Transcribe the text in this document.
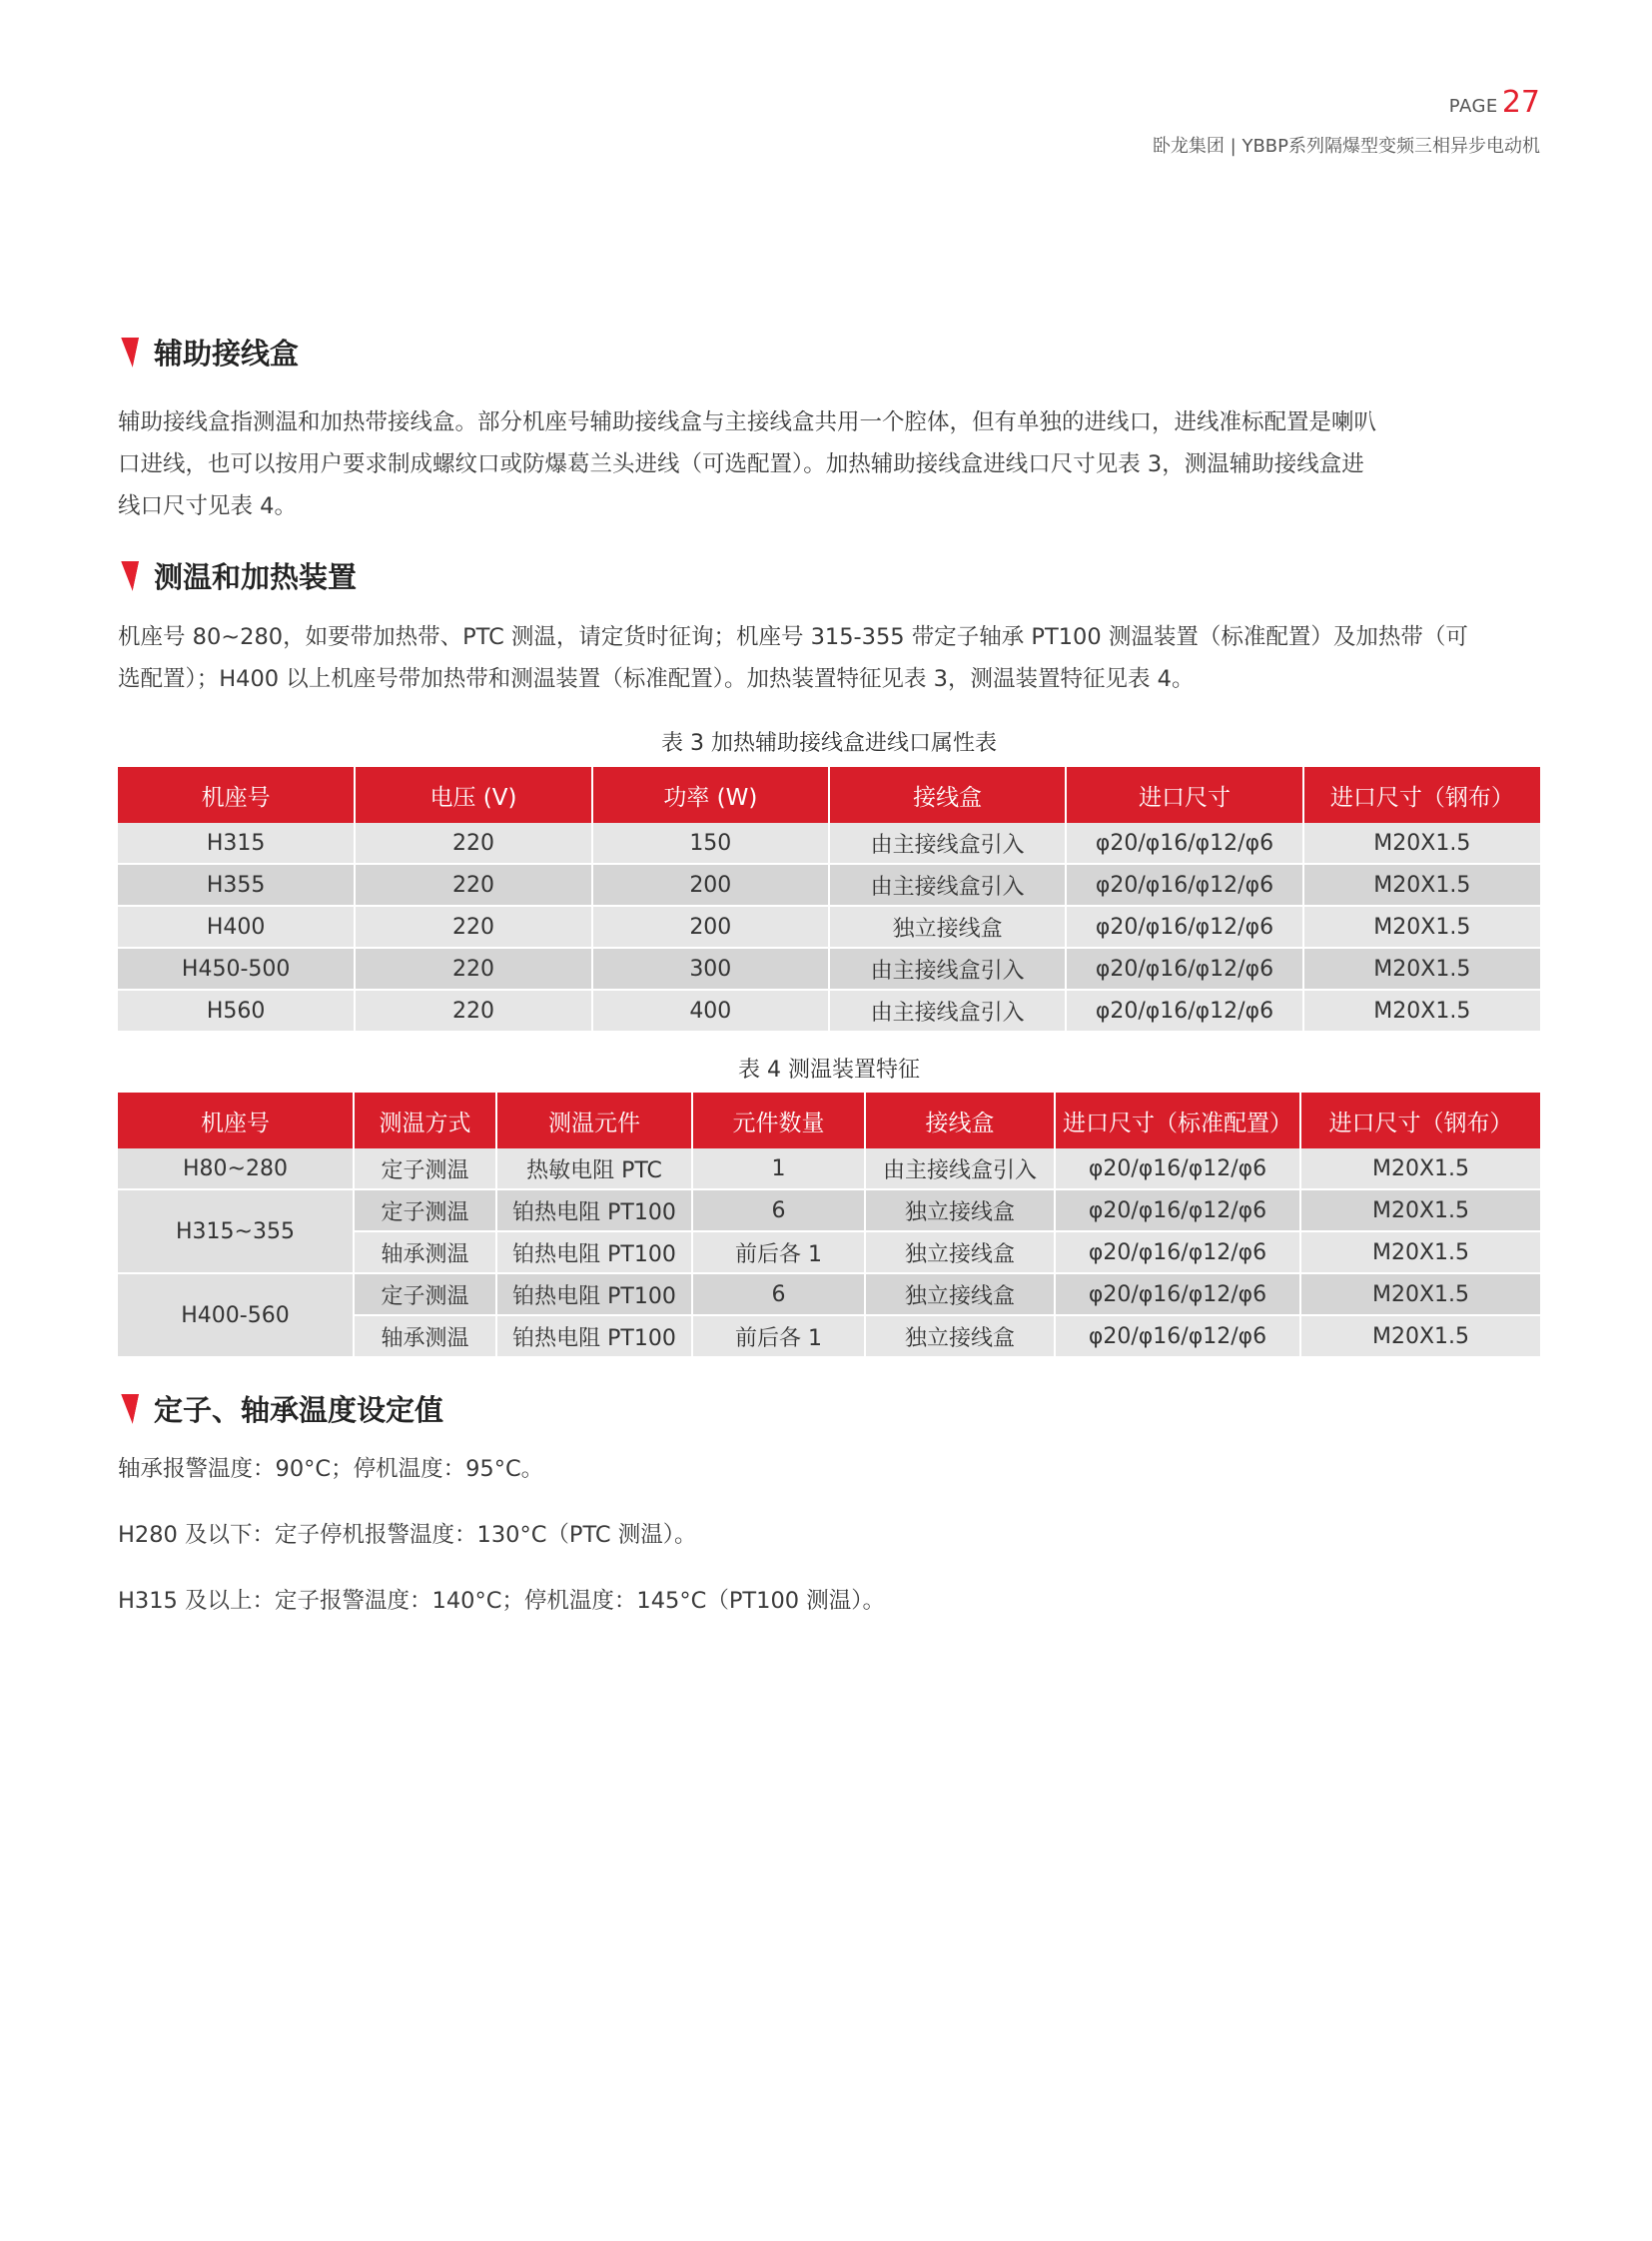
PAGE 27
卧龙集团 | YBBP系列隔爆型变频三相异步电动机
辅助接线盒

辅助接线盒指测温和加热带接线盒。部分机座号辅助接线盒与主接线盒共用一个腔体，但有单独的进线口，进线准标配置是喇叭

口进线，也可以按用户要求制成螺纹口或防爆葛兰头进线（可选配置）。加热辅助接线盒进线口尺寸见表 3，测温辅助接线盒进

线口尺寸见表 4。

测温和加热装置

机座号 80~280，如要带加热带、PTC 测温，请定货时征询；机座号 315-355 带定子轴承 PT100 测温装置（标准配置）及加热带（可

选配置）；H400 以上机座号带加热带和测温装置（标准配置）。加热装置特征见表 3，测温装置特征见表 4。

表 3 加热辅助接线盒进线口属性表
机座号	电压 (V)	功率 (W)	接线盒	进口尺寸	进口尺寸（钢布）
H315	220	150	由主接线盒引入	φ20/φ16/φ12/φ6	M20X1.5
H355	220	200	由主接线盒引入	φ20/φ16/φ12/φ6	M20X1.5
H400	220	200	独立接线盒	φ20/φ16/φ12/φ6	M20X1.5
H450-500	220	300	由主接线盒引入	φ20/φ16/φ12/φ6	M20X1.5
H560	220	400	由主接线盒引入	φ20/φ16/φ12/φ6	M20X1.5
表 4 测温装置特征
机座号	测温方式	测温元件	元件数量	接线盒	进口尺寸（标准配置）	进口尺寸（钢布）
H80~280	定子测温	热敏电阻 PTC	1	由主接线盒引入	φ20/φ16/φ12/φ6	M20X1.5
H315~355	定子测温	铂热电阻 PT100	6	独立接线盒	φ20/φ16/φ12/φ6	M20X1.5
	轴承测温	铂热电阻 PT100	前后各 1	独立接线盒	φ20/φ16/φ12/φ6	M20X1.5
H400-560	定子测温	铂热电阻 PT100	6	独立接线盒	φ20/φ16/φ12/φ6	M20X1.5
	轴承测温	铂热电阻 PT100	前后各 1	独立接线盒	φ20/φ16/φ12/φ6	M20X1.5
定子、轴承温度设定值

轴承报警温度：90°C；停机温度：95°C。

H280 及以下：定子停机报警温度：130°C（PTC 测温）。

H315 及以上：定子报警温度：140°C；停机温度：145°C（PT100 测温）。
